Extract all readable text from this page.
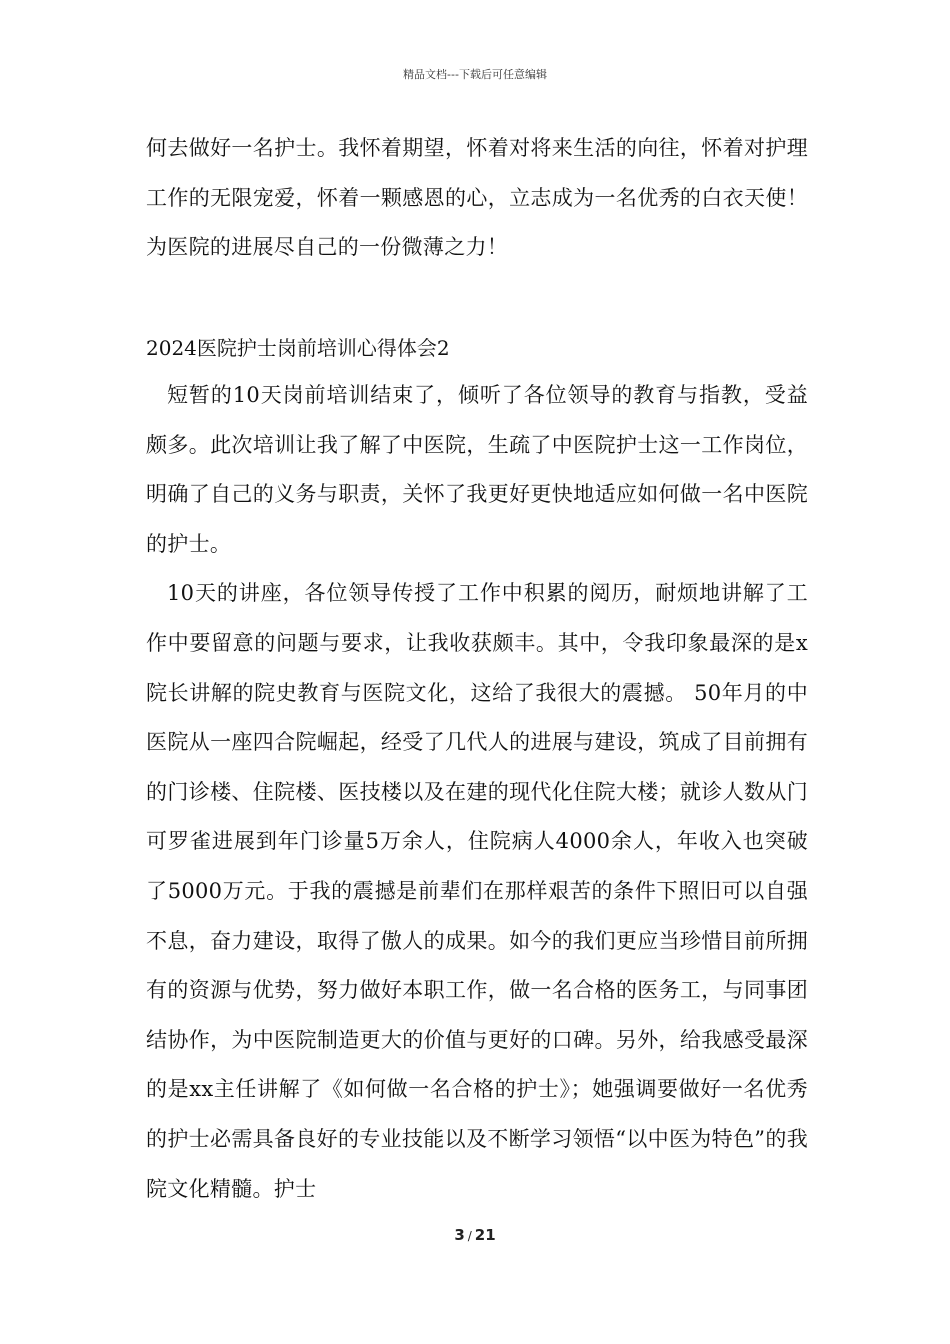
精品文档---下载后可任意编辑

何去做好一名护士。我怀着期望，怀着对将来生活的向往，怀着对护理工作的无限宠爱，怀着一颗感恩的心，立志成为一名优秀的白衣天使！为医院的进展尽自己的一份微薄之力！

2024医院护士岗前培训心得体会2

短暂的10天岗前培训结束了，倾听了各位领导的教育与指教，受益颇多。此次培训让我了解了中医院，生疏了中医院护士这一工作岗位，明确了自己的义务与职责，关怀了我更好更快地适应如何做一名中医院的护士。

10天的讲座，各位领导传授了工作中积累的阅历，耐烦地讲解了工作中要留意的问题与要求，让我收获颇丰。其中，令我印象最深的是x院长讲解的院史教育与医院文化，这给了我很大的震撼。 50年月的中医院从一座四合院崛起，经受了几代人的进展与建设，筑成了目前拥有的门诊楼、住院楼、医技楼以及在建的现代化住院大楼；就诊人数从门可罗雀进展到年门诊量5万余人，住院病人4000余人，年收入也突破了5000万元。于我的震撼是前辈们在那样艰苦的条件下照旧可以自强不息，奋力建设，取得了傲人的成果。如今的我们更应当珍惜目前所拥有的资源与优势，努力做好本职工作，做一名合格的医务工，与同事团结协作，为中医院制造更大的价值与更好的口碑。另外，给我感受最深的是xx主任讲解了《如何做一名合格的护士》；她强调要做好一名优秀的护士必需具备良好的专业技能以及不断学习领悟“以中医为特色”的我院文化精髓。护士

3 / 21
